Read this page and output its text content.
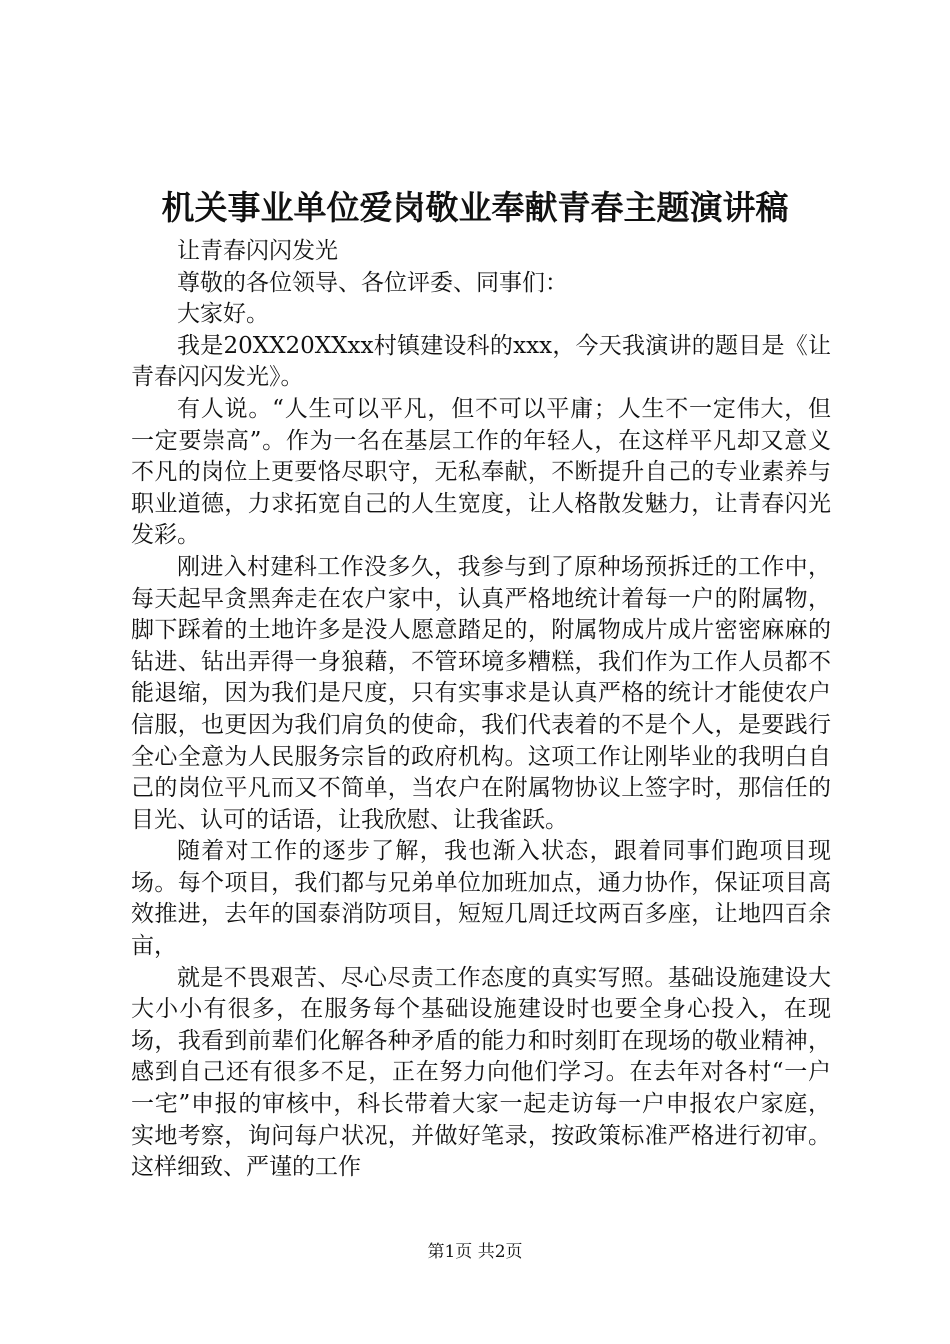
机关事业单位爱岗敬业奉献青春主题演讲稿

让青春闪闪发光

尊敬的各位领导、各位评委、同事们：

大家好。

我是20XX20XXxx村镇建设科的xxx，今天我演讲的题目是《让青春闪闪发光》。

有人说。“人生可以平凡，但不可以平庸；人生不一定伟大，但一定要崇高”。作为一名在基层工作的年轻人，在这样平凡却又意义不凡的岗位上更要恪尽职守，无私奉献，不断提升自己的专业素养与职业道德，力求拓宽自己的人生宽度，让人格散发魅力，让青春闪光发彩。

刚进入村建科工作没多久，我参与到了原种场预拆迁的工作中，每天起早贪黑奔走在农户家中，认真严格地统计着每一户的附属物，脚下踩着的土地许多是没人愿意踏足的，附属物成片成片密密麻麻的钻进、钻出弄得一身狼藉，不管环境多糟糕，我们作为工作人员都不能退缩，因为我们是尺度，只有实事求是认真严格的统计才能使农户信服，也更因为我们肩负的使命，我们代表着的不是个人，是要践行全心全意为人民服务宗旨的政府机构。这项工作让刚毕业的我明白自己的岗位平凡而又不简单，当农户在附属物协议上签字时，那信任的目光、认可的话语，让我欣慰、让我雀跃。

随着对工作的逐步了解，我也渐入状态，跟着同事们跑项目现场。每个项目，我们都与兄弟单位加班加点，通力协作，保证项目高效推进，去年的国泰消防项目，短短几周迁坟两百多座，让地四百余亩，

就是不畏艰苦、尽心尽责工作态度的真实写照。基础设施建设大大小小有很多，在服务每个基础设施建设时也要全身心投入，在现场，我看到前辈们化解各种矛盾的能力和时刻盯在现场的敬业精神，感到自己还有很多不足，正在努力向他们学习。在去年对各村“一户一宅”申报的审核中，科长带着大家一起走访每一户申报农户家庭，实地考察，询问每户状况，并做好笔录，按政策标准严格进行初审。这样细致、严谨的工作

第1页 共2页
